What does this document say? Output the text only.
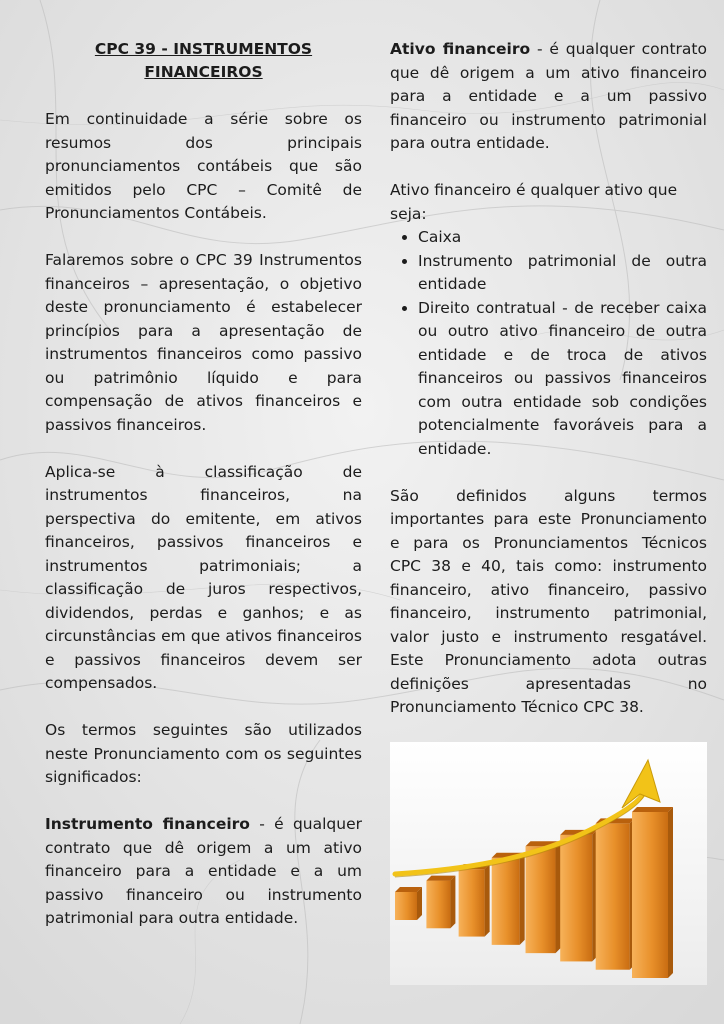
CPC 39 - INSTRUMENTOS FINANCEIROS

Em continuidade a série sobre os resumos dos principais pronunciamentos contábeis que são emitidos pelo CPC – Comitê de Pronunciamentos Contábeis.

Falaremos sobre o CPC 39 Instrumentos financeiros – apresentação, o objetivo deste pronunciamento é estabelecer princípios para a apresentação de instrumentos financeiros como passivo ou patrimônio líquido e para compensação de ativos financeiros e passivos financeiros.

Aplica-se à classificação de instrumentos financeiros, na perspectiva do emitente, em ativos financeiros, passivos financeiros e instrumentos patrimoniais; a classificação de juros respectivos, dividendos, perdas e ganhos; e as circunstâncias em que ativos financeiros e passivos financeiros devem ser compensados.

Os termos seguintes são utilizados neste Pronunciamento com os seguintes significados:

Instrumento financeiro - é qualquer contrato que dê origem a um ativo financeiro para a entidade e a um passivo financeiro ou instrumento patrimonial para outra entidade.

Ativo financeiro - é qualquer contrato que dê origem a um ativo financeiro para a entidade e a um passivo financeiro ou instrumento patrimonial para outra entidade.

Ativo financeiro é qualquer ativo que seja:

• Caixa
• Instrumento patrimonial de outra entidade
• Direito contratual - de receber caixa ou outro ativo financeiro de outra entidade e de troca de ativos financeiros ou passivos financeiros com outra entidade sob condições potencialmente favoráveis para a entidade.

São definidos alguns termos importantes para este Pronunciamento e para os Pronunciamentos Técnicos CPC 38 e 40, tais como: instrumento financeiro, ativo financeiro, passivo financeiro, instrumento patrimonial, valor justo e instrumento resgatável. Este Pronunciamento adota outras definições apresentadas no Pronunciamento Técnico CPC 38.
